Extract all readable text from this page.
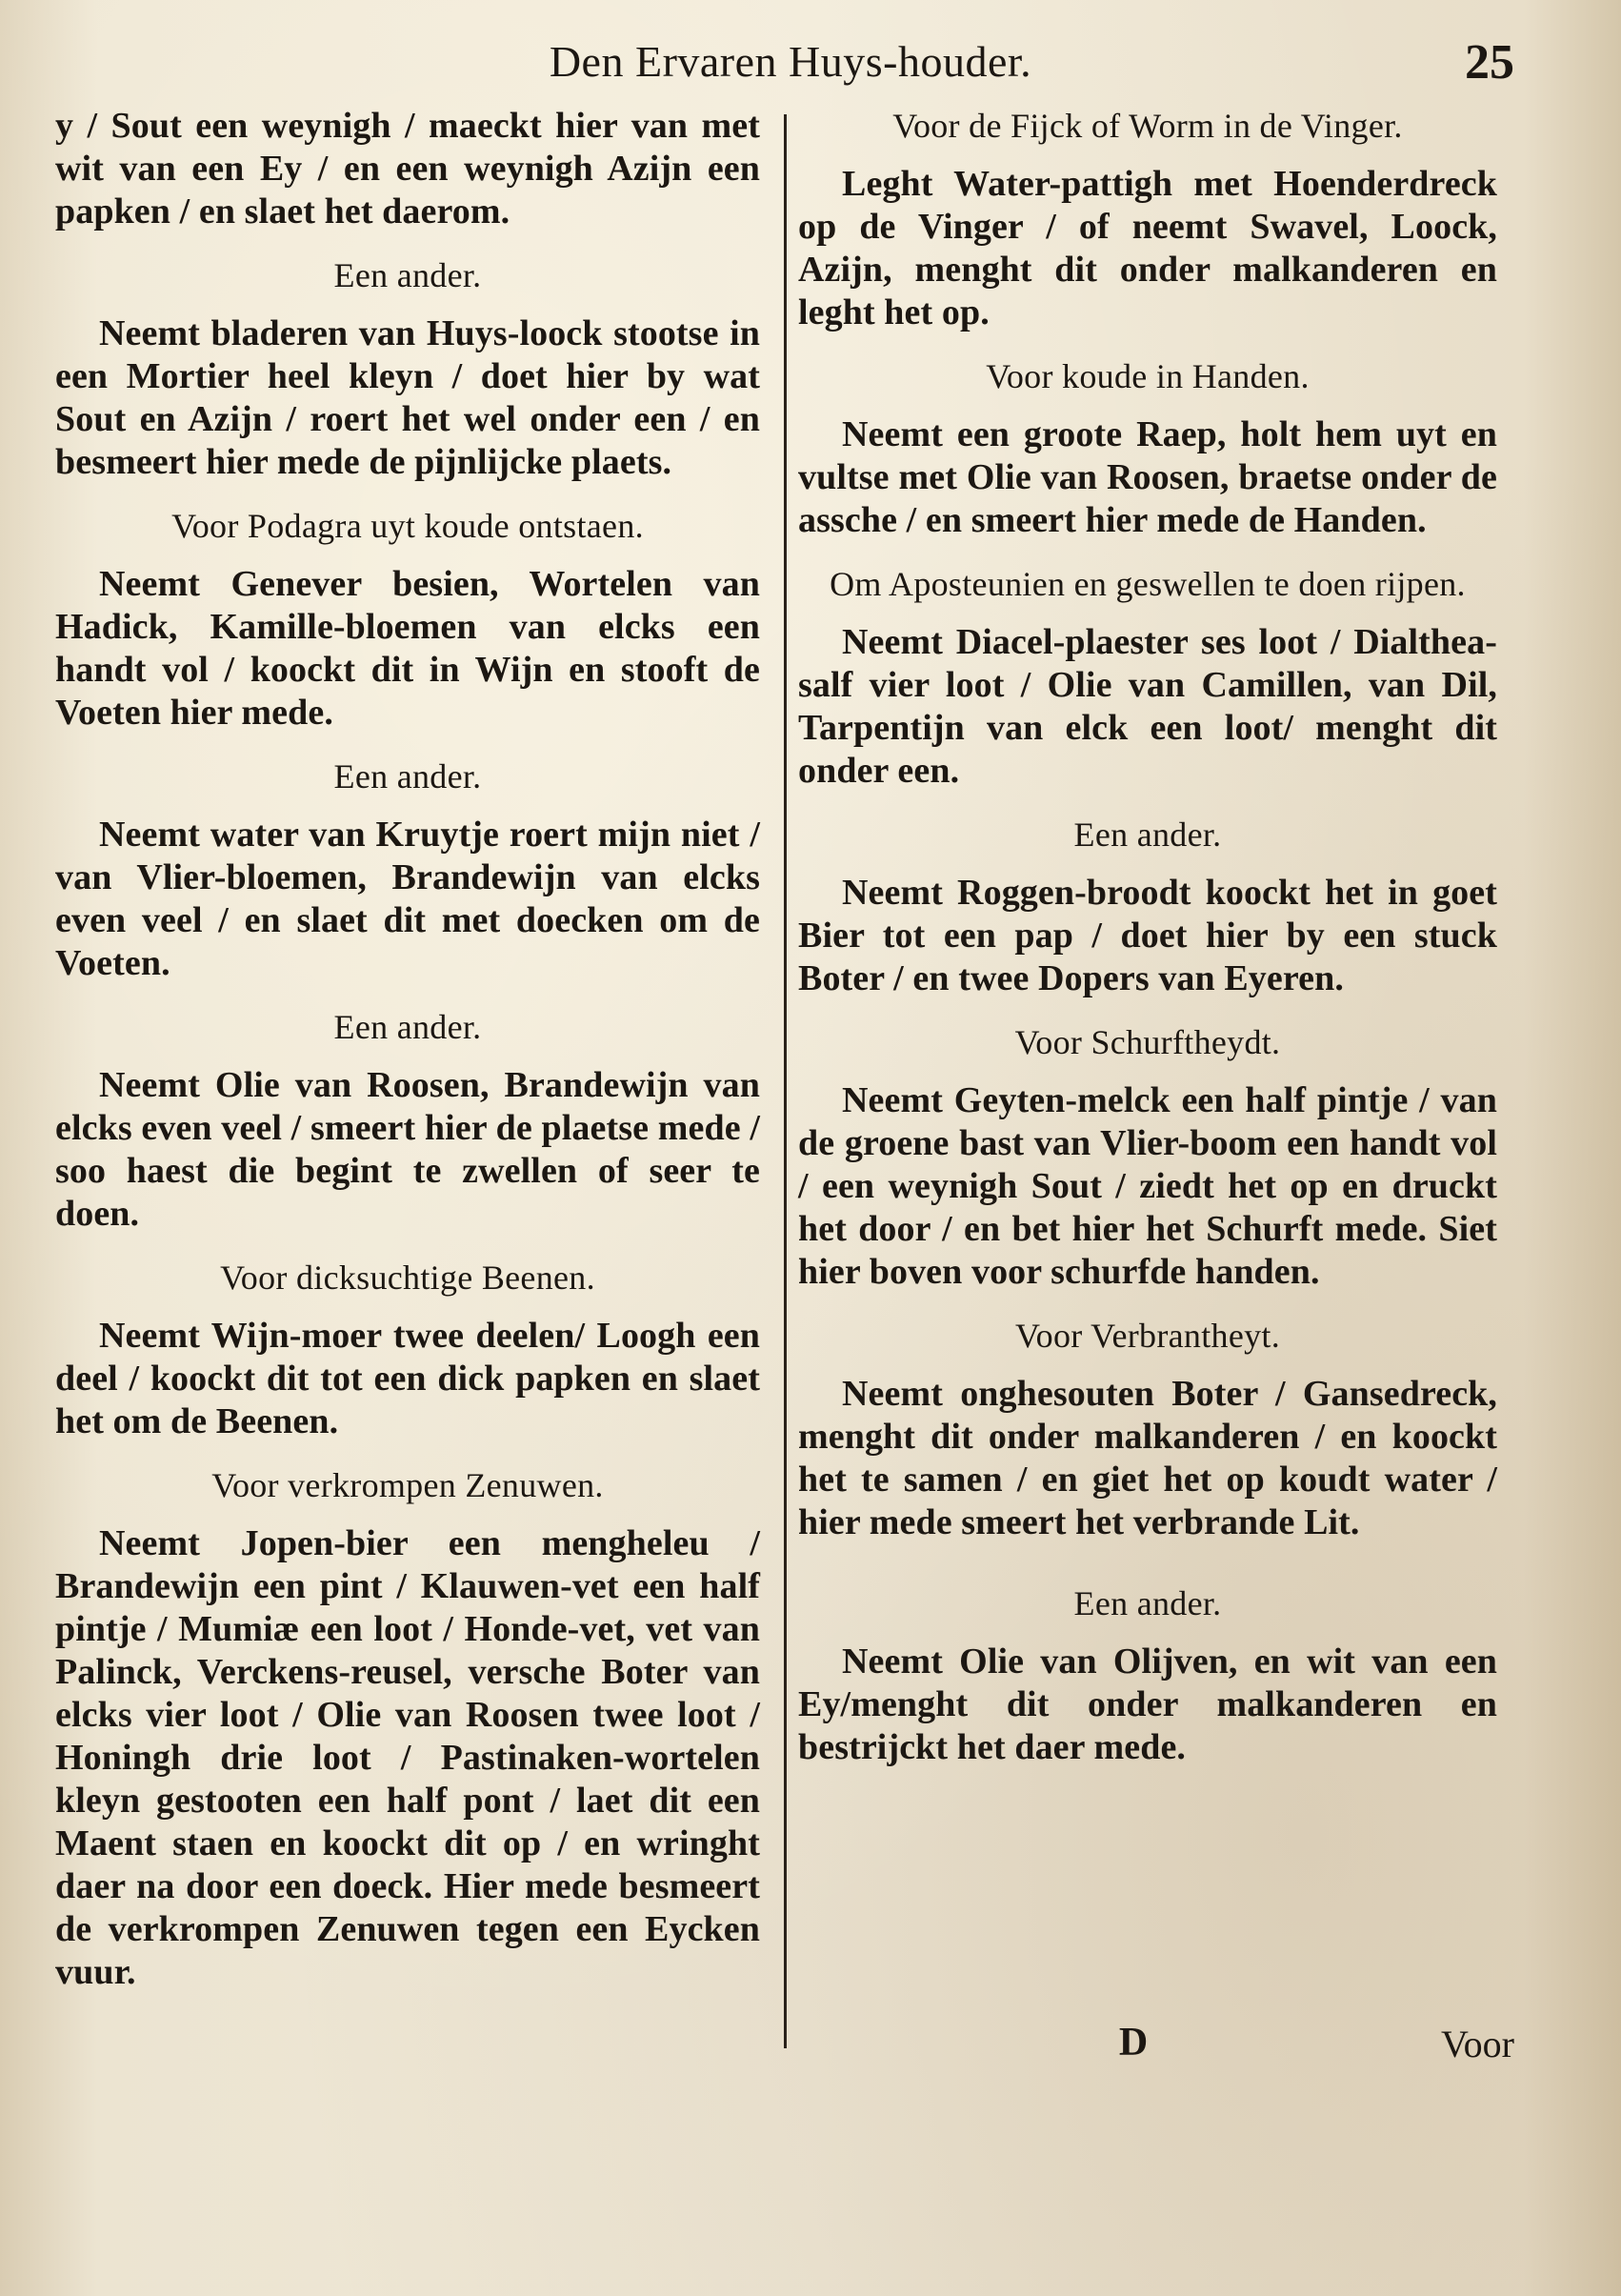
Den Ervaren Huys-houder.	25

y / Sout een weynigh / maeckt hier van met wit van een Ey / en een weynigh Azijn een papken / en slaet het daerom.

Een ander.

Neemt bladeren van Huys-loock stootse in een Mortier heel kleyn / doet hier by wat Sout en Azijn / roert het wel onder een / en besmeert hier mede de pijnlijcke plaets.

Voor Podagra uyt koude ontstaen.

Neemt Genever besien, Wortelen van Hadick, Kamille-bloemen van elcks een handt vol / koockt dit in Wijn en stooft de Voeten hier mede.

Een ander.

Neemt water van Kruytje roert mijn niet / van Vlier-bloemen, Brandewijn van elcks even veel / en slaet dit met doecken om de Voeten.

Een ander.

Neemt Olie van Roosen, Brandewijn van elcks even veel / smeert hier de plaetse mede / soo haest die begint te zwellen of seer te doen.

Voor dicksuchtige Beenen.

Neemt Wijn-moer twee deelen/ Loogh een deel / koockt dit tot een dick papken en slaet het om de Beenen.

Voor verkrompen Zenuwen.

Neemt Jopen-bier een mengheleu / Brandewijn een pint / Klauwen-vet een half pintje / Mumiæ een loot / Honde-vet, vet van Palinck, Verckens-reusel, versche Boter van elcks vier loot / Olie van Roosen twee loot / Honingh drie loot / Pastinaken-wortelen kleyn gestooten een half pont / laet dit een Maent staen en koockt dit op / en wringht daer na door een doeck. Hier mede besmeert de verkrompen Zenuwen tegen een Eycken vuur.

Voor de Fijck of Worm in de Vinger.

Leght Water-pattigh met Hoenderdreck op de Vinger / of neemt Swavel, Loock, Azijn, menght dit onder malkanderen en leght het op.

Voor koude in Handen.

Neemt een groote Raep, holt hem uyt en vultse met Olie van Roosen, braetse onder de assche / en smeert hier mede de Handen.

Om Aposteunien en geswellen te doen rijpen.

Neemt Diacel-plaester ses loot / Dialthea-salf vier loot / Olie van Camillen, van Dil, Tarpentijn van elck een loot/ menght dit onder een.

Een ander.

Neemt Roggen-broodt koockt het in goet Bier tot een pap / doet hier by een stuck Boter / en twee Dopers van Eyeren.

Voor Schurftheydt.

Neemt Geyten-melck een half pintje / van de groene bast van Vlier-boom een handt vol / een weynigh Sout / ziedt het op en druckt het door / en bet hier het Schurft mede. Siet hier boven voor schurfde handen.

Voor Verbrantheyt.

Neemt onghesouten Boter / Gansedreck, menght dit onder malkanderen / en koockt het te samen / en giet het op koudt water / hier mede smeert het verbrande Lit.

Een ander.

Neemt Olie van Olijven, en wit van een Ey/menght dit onder malkanderen en bestrijckt het daer mede.

D	Voor
